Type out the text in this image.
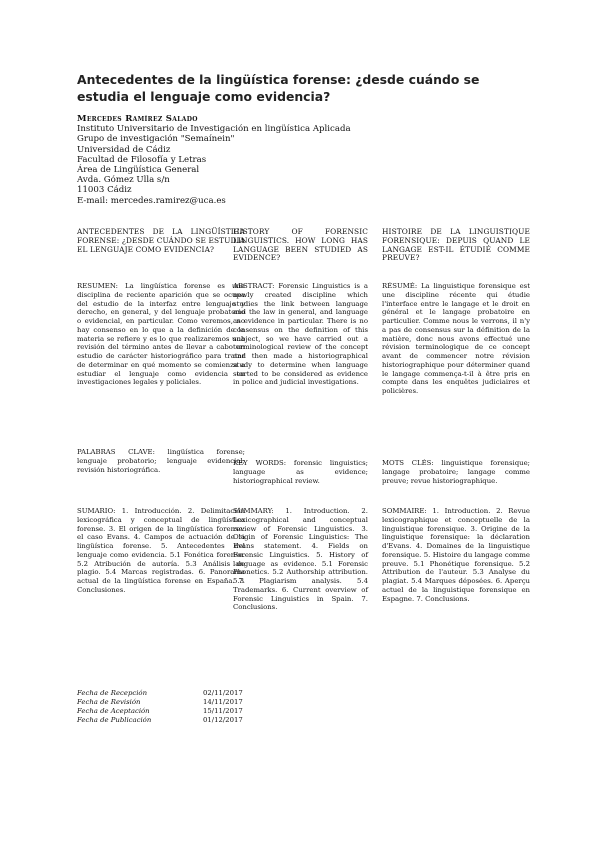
Antecedentes de la lingüística forense: ¿desde cuándo se estudia el lenguaje como evidencia?
Mercedes Ramírez Salado
Instituto Universitario de Investigación en lingüística Aplicada
Grupo de investigación "Semaínein"
Universidad de Cádiz
Facultad de Filosofía y Letras
Área de Lingüística General
Avda. Gómez Ulla s/n
11003 Cádiz
E-mail: mercedes.ramirez@uca.es
ANTECEDENTES DE LA LINGÜÍSTICA FORENSE: ¿DESDE CUÁNDO SE ESTUDIA EL LENGUAJE COMO EVIDENCIA?

RESUMEN: La lingüística forense es una disciplina de reciente aparición que se ocupa del estudio de la interfaz entre lenguaje y derecho, en general, y del lenguaje probatorio o evidencial, en particular. Como veremos, no hay consenso en lo que a la definición de la materia se refiere y es lo que realizaremos una revisión del término antes de llevar a cabo un estudio de carácter historiográfico para tratar de determinar en qué momento se comienza a estudiar el lenguaje como evidencia en investigaciones legales y policiales.

PALABRAS CLAVE: lingüística forense; lenguaje probatorio; lenguaje evidencial; revisión historiográfica.

SUMARIO: 1. Introducción. 2. Delimitación lexicográfica y conceptual de lingüística forense. 3. El origen de la lingüística forense: el caso Evans. 4. Campos de actuación de la lingüística forense. 5. Antecedentes del lenguaje como evidencia. 5.1 Fonética forense. 5.2 Atribución de autoría. 5.3 Análisis de plagio. 5.4 Marcas registradas. 6. Panorama actual de la lingüística forense en España. 7. Conclusiones.

HISTORY OF FORENSIC LINGUISTICS. HOW LONG HAS LANGUAGE BEEN STUDIED AS EVIDENCE?

ABSTRACT: Forensic Linguistics is a newly created discipline which studies the link between language and the law in general, and language as evidence in particular. There is no consensus on the definition of this subject, so we have carried out a terminological review of the concept and then made a historiographical study to determine when language started to be considered as evidence in police and judicial investigations.

KEY WORDS: forensic linguistics; language as evidence; historiographical review.

SUMMARY: 1. Introduction. 2. Lexicographical and conceptual review of Forensic Linguistics. 3. Origin of Forensic Linguistics: The Evans statement. 4. Fields on Forensic Linguistics. 5. History of language as evidence. 5.1 Forensic Phonetics. 5.2 Authorship attribution. 5.3 Plagiarism analysis. 5.4 Trademarks. 6. Current overview of Forensic Linguistics in Spain. 7. Conclusions.

HISTOIRE DE LA LINGUISTIQUE FORENSIQUE: DEPUIS QUAND LE LANGAGE EST-IL ÉTUDIÉ COMME PREUVE?

RÉSUMÉ: La linguistique forensique est une discipline récente qui étudie l'interface entre le langage et le droit en général et le langage probatoire en particulier. Comme nous le verrons, il n'y a pas de consensus sur la définition de la matière, donc nous avons effectué une révision terminologique de ce concept avant de commencer notre révision historiographique pour déterminer quand le langage commença-t-il à être pris en compte dans les enquêtes judiciaires et policières.

MOTS CLÉS: linguistique forensique; langage probatoire; langage comme preuve; revue historiographique.

SOMMAIRE: 1. Introduction. 2. Revue lexicographique et conceptuelle de la linguistique forensique. 3. Origine de la linguistique forensique: la déclaration d'Evans. 4. Domaines de la linguistique forensique. 5. Histoire du langage comme preuve. 5.1 Phonétique forensique. 5.2 Attribution de l'auteur. 5.3 Analyse du plagiat. 5.4 Marques déposées. 6. Aperçu actuel de la linguistique forensique en Espagne. 7. Conclusions.

Fecha de Recepción	02/11/2017
Fecha de Revisión	14/11/2017
Fecha de Aceptación	15/11/2017
Fecha de Publicación	01/12/2017
